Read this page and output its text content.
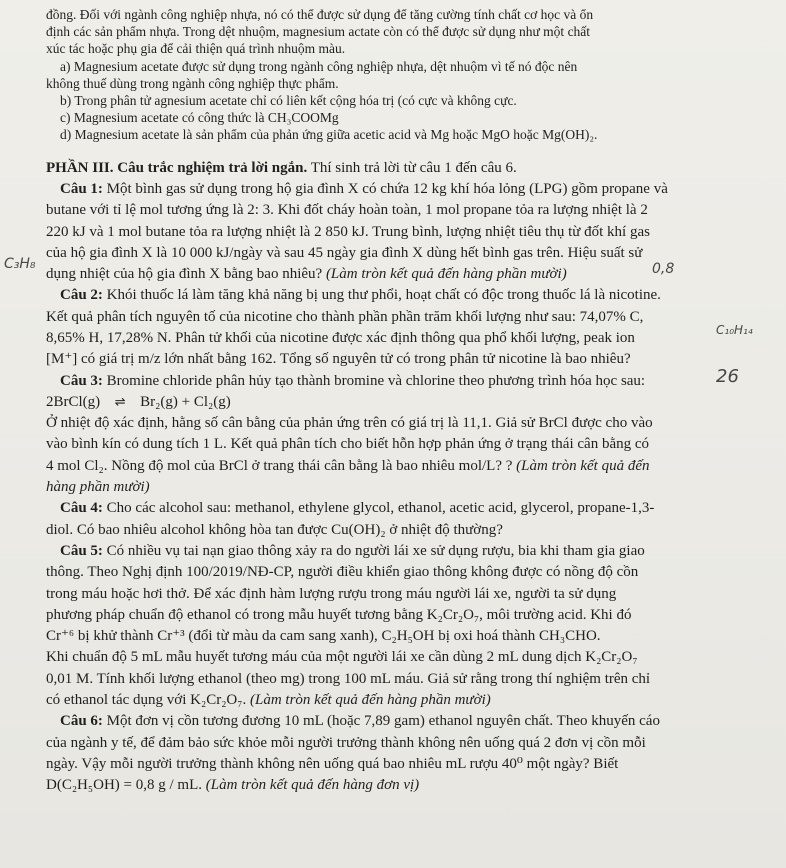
đồng. Đối với ngành công nghiệp nhựa, nó có thể được sử dụng để tăng cường tính chất cơ học và ổn

định các sản phẩm nhựa. Trong dệt nhuộm, magnesium actate còn có thể được sử dụng như một chất

xúc tác hoặc phụ gia để cải thiện quá trình nhuộm màu.

a) Magnesium acetate được sử dụng trong ngành công nghiệp nhựa, dệt nhuộm vì tế nó độc nên

không thuế dùng trong ngành công nghiệp thực phẩm.

b) Trong phân tử agnesium acetate chỉ có liên kết cộng hóa trị (có cực và không cực.

c) Magnesium acetate có công thức là CH₃COOMg

d) Magnesium acetate là sản phẩm của phản ứng giữa acetic acid và Mg hoặc MgO hoặc Mg(OH)₂.

PHẦN III. Câu trắc nghiệm trả lời ngắn. Thí sinh trả lời từ câu 1 đến câu 6.

Câu 1: Một bình gas sử dụng trong hộ gia đình X có chứa 12 kg khí hóa lỏng (LPG) gồm propane và

butane với tỉ lệ mol tương ứng là 2: 3. Khi đốt cháy hoàn toàn, 1 mol propane tỏa ra lượng nhiệt là 2

220 kJ và 1 mol butane tỏa ra lượng nhiệt là 2 850 kJ. Trung bình, lượng nhiệt tiêu thụ từ đốt khí gas

của hộ gia đình X là 10 000 kJ/ngày và sau 45 ngày gia đình X dùng hết bình gas trên. Hiệu suất sử

dụng nhiệt của hộ gia đình X bằng bao nhiêu? (Làm tròn kết quả đến hàng phần mười)

Câu 2: Khói thuốc lá làm tăng khả năng bị ung thư phổi, hoạt chất có độc trong thuốc lá là nicotine.

Kết quả phân tích nguyên tố của nicotine cho thành phần phần trăm khối lượng như sau: 74,07% C,

8,65% H, 17,28% N. Phân tử khối của nicotine được xác định thông qua phổ khối lượng, peak ion

[M⁺] có giá trị m/z lớn nhất bằng 162. Tổng số nguyên tử có trong phân tử nicotine là bao nhiêu?

Câu 3: Bromine chloride phân hủy tạo thành bromine và chlorine theo phương trình hóa học sau:

2BrCl(g) ⇌ Br₂(g) + Cl₂(g)

Ở nhiệt độ xác định, hằng số cân bằng của phản ứng trên có giá trị là 11,1. Giả sử BrCl được cho vào

vào bình kín có dung tích 1 L. Kết quả phân tích cho biết hỗn hợp phản ứng ở trạng thái cân bằng có

4 mol Cl₂. Nồng độ mol của BrCl ở trang thái cân bằng là bao nhiêu mol/L? ? (Làm tròn kết quả đến

hàng phần mười)

Câu 4: Cho các alcohol sau: methanol, ethylene glycol, ethanol, acetic acid, glycerol, propane-1,3-

diol. Có bao nhiêu alcohol không hòa tan được Cu(OH)₂ ở nhiệt độ thường?

Câu 5: Có nhiều vụ tai nạn giao thông xảy ra do người lái xe sử dụng rượu, bia khi tham gia giao

thông. Theo Nghị định 100/2019/NĐ-CP, người điều khiển giao thông không được có nồng độ cồn

trong máu hoặc hơi thở. Để xác định hàm lượng rượu trong máu người lái xe, người ta sử dụng

phương pháp chuẩn độ ethanol có trong mẫu huyết tương bằng K₂Cr₂O₇, môi trường acid. Khi đó

Cr⁺⁶ bị khử thành Cr⁺³ (đổi từ màu da cam sang xanh), C₂H₅OH bị oxi hoá thành CH₃CHO.

Khi chuẩn độ 5 mL mẫu huyết tương máu của một người lái xe cần dùng 2 mL dung dịch K₂Cr₂O₇

0,01 M. Tính khối lượng ethanol (theo mg) trong 100 mL máu. Giả sử rằng trong thí nghiệm trên chỉ

có ethanol tác dụng với K₂Cr₂O₇. (Làm tròn kết quả đến hàng phần mười)

Câu 6: Một đơn vị cồn tương đương 10 mL (hoặc 7,89 gam) ethanol nguyên chất. Theo khuyến cáo

của ngành y tế, để đảm bảo sức khỏe mỗi người trưởng thành không nên uống quá 2 đơn vị cồn mỗi

ngày. Vậy mỗi người trưởng thành không nên uống quá bao nhiêu mL rượu 40⁰ một ngày? Biết

D(C₂H₅OH) = 0,8 g / mL. (Làm tròn kết quả đến hàng đơn vị)

C₃H₈	0,8
C₁₀H₁₄
26
